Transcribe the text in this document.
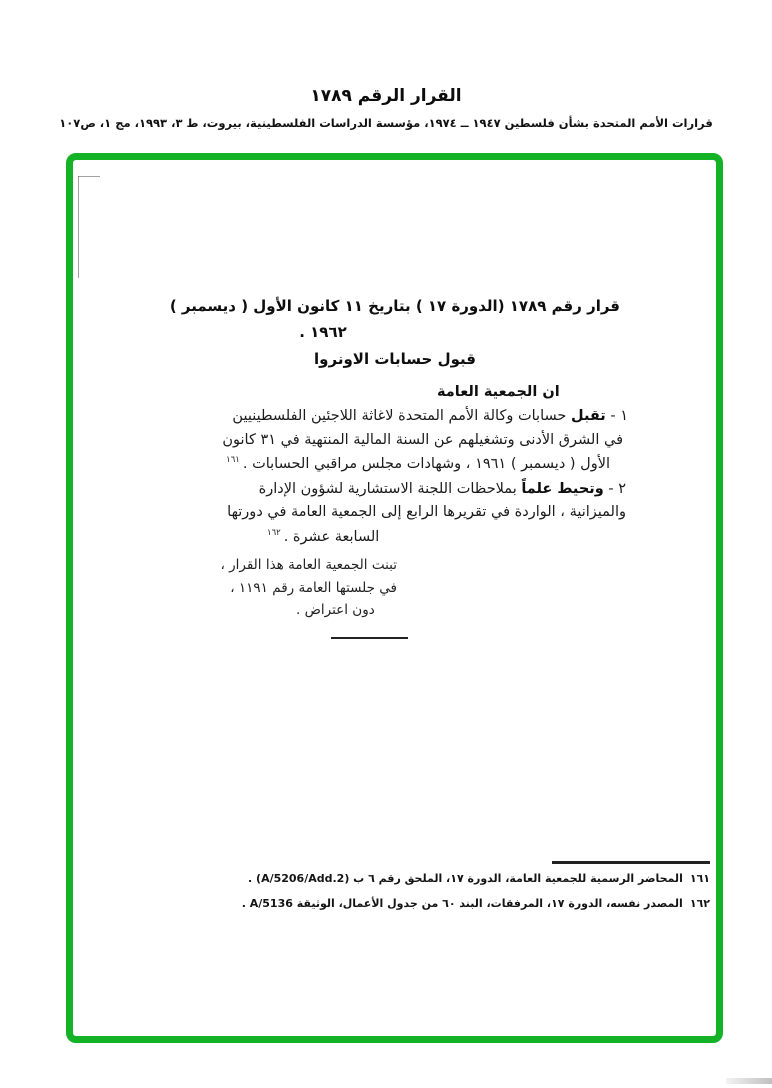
القرار الرقم ١٧٨٩
قرارات الأمم المتحدة بشأن فلسطين ١٩٤٧ ــ ١٩٧٤، مؤسسة الدراسات الفلسطينية، بيروت، ط ٣، ١٩٩٣، مج ١، ص١٠٧
قرار رقم ١٧٨٩ (الدورة ١٧ ) بتاريخ ١١ كانون الأول ( ديسمبر )
١٩٦٢ .
قبول حسابات الاونروا
ان الجمعية العامة
١ - تقبل حسابات وكالة الأمم المتحدة لاغاثة اللاجئين الفلسطينيين
في الشرق الأدنى وتشغيلهم عن السنة المالية المنتهية في ٣١ كانون
الأول ( ديسمبر ) ١٩٦١ ، وشهادات مجلس مراقبي الحسابات .$^{١٦١}$
٢ - وتحيط علماً بملاحظات اللجنة الاستشارية لشؤون الإدارة
والميزانية ، الواردة في تقريرها الرابع إلى الجمعية العامة في دورتها
السابعة عشرة .$^{١٦٢}$
تبنت الجمعية العامة هذا القرار ،
في جلستها العامة رقم ١١٩١ ،
دون اعتراض .
١٦١المحاضر الرسمية للجمعية العامة، الدورة ١٧، الملحق رقم ٦ ب (A/5206/Add.2) .
١٦٢المصدر نفسه، الدورة ١٧، المرفقات، البند ٦٠ من جدول الأعمال، الوثيقة A/5136 .
